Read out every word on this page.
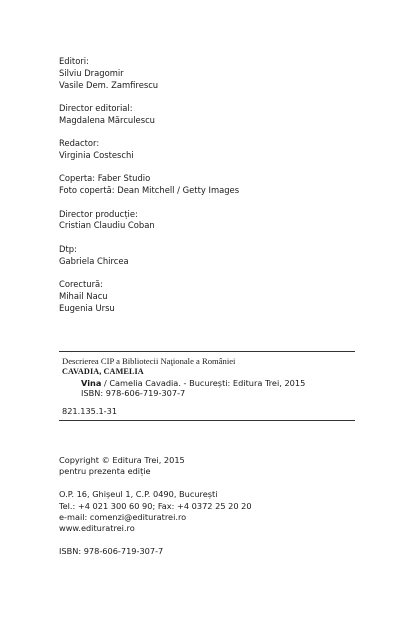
Editori:
Silviu Dragomir
Vasile Dem. Zamfirescu
Director editorial:
Magdalena Mărculescu
Redactor:
Virginia Costeschi
Coperta: Faber Studio
Foto copertă: Dean Mitchell / Getty Images
Director producție:
Cristian Claudiu Coban
Dtp:
Gabriela Chircea
Corectură:
Mihail Nacu
Eugenia Ursu
Descrierea CIP a Bibliotecii Naţionale a României
CAVADIA, CAMELIA
Vina / Camelia Cavadia. - București: Editura Trei, 2015
ISBN: 978-606-719-307-7
821.135.1-31
Copyright © Editura Trei, 2015
pentru prezenta ediție
O.P. 16, Ghișeul 1, C.P. 0490, București
Tel.: +4 021 300 60 90; Fax: +4 0372 25 20 20
e-mail: comenzi@edituratrei.ro
www.edituratrei.ro
ISBN: 978-606-719-307-7
